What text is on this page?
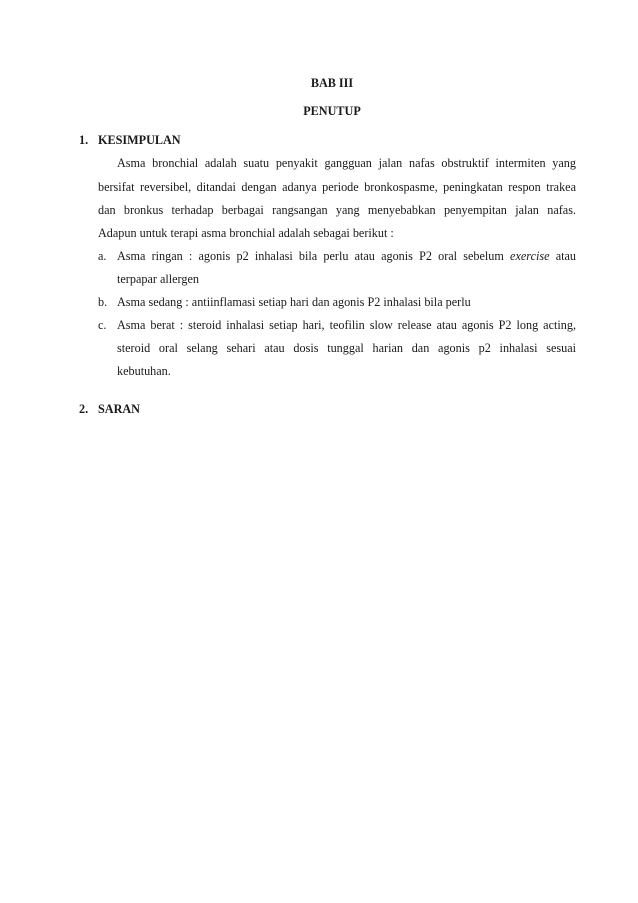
BAB III
PENUTUP
1. KESIMPULAN
Asma bronchial adalah suatu penyakit gangguan jalan nafas obstruktif intermiten yang
bersifat reversibel, ditandai dengan adanya periode bronkospasme, peningkatan respon trakea
dan bronkus terhadap berbagai rangsangan yang menyebabkan penyempitan jalan nafas.
Adapun untuk terapi asma bronchial adalah sebagai berikut :
a. Asma ringan : agonis p2 inhalasi bila perlu atau agonis P2 oral sebelum exercise atau
terpapar allergen
b. Asma sedang : antiinflamasi setiap hari dan agonis P2 inhalasi bila perlu
c. Asma berat : steroid inhalasi setiap hari, teofilin slow release atau agonis P2 long acting,
steroid oral selang sehari atau dosis tunggal harian dan agonis p2 inhalasi sesuai
kebutuhan.
2. SARAN
